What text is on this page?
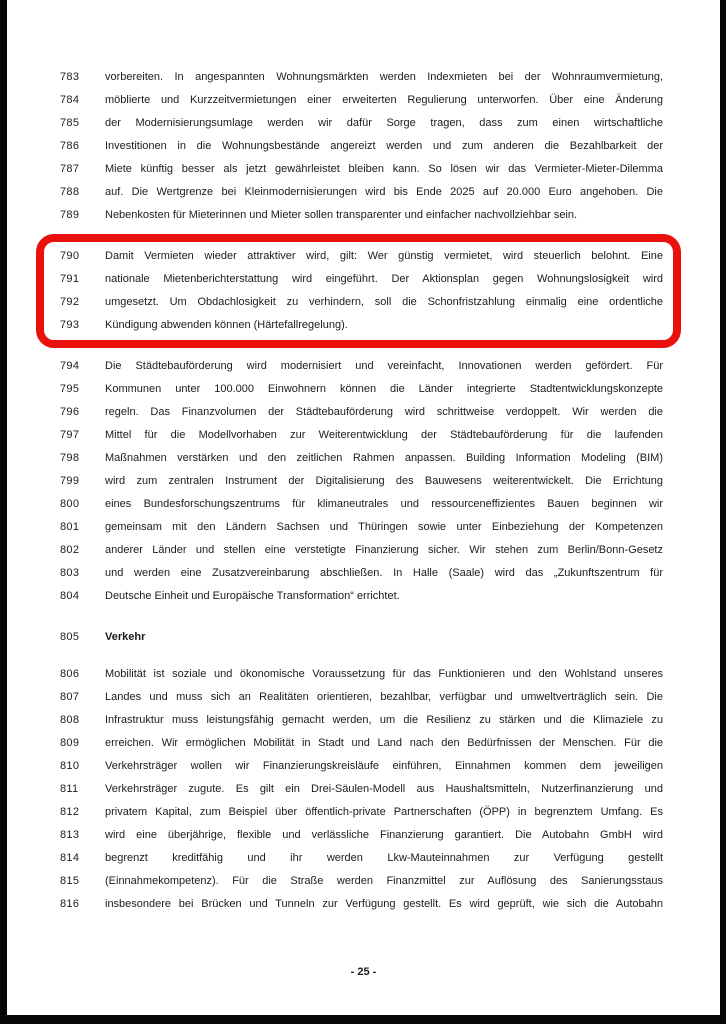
783	vorbereiten. In angespannten Wohnungsmärkten werden Indexmieten bei der Wohnraumvermietung,
784	möblierte und Kurzzeitvermietungen einer erweiterten Regulierung unterworfen. Über eine Änderung
785	der Modernisierungsumlage werden wir dafür Sorge tragen, dass zum einen wirtschaftliche
786	Investitionen in die Wohnungsbestände angereizt werden und zum anderen die Bezahlbarkeit der
787	Miete künftig besser als jetzt gewährleistet bleiben kann. So lösen wir das Vermieter-Mieter-Dilemma
788	auf. Die Wertgrenze bei Kleinmodernisierungen wird bis Ende 2025 auf 20.000 Euro angehoben. Die
789	Nebenkosten für Mieterinnen und Mieter sollen transparenter und einfacher nachvollziehbar sein.
790	Damit Vermieten wieder attraktiver wird, gilt: Wer günstig vermietet, wird steuerlich belohnt. Eine
791	nationale Mietenberichterstattung wird eingeführt. Der Aktionsplan gegen Wohnungslosigkeit wird
792	umgesetzt. Um Obdachlosigkeit zu verhindern, soll die Schonfristzahlung einmalig eine ordentliche
793	Kündigung abwenden können (Härtefallregelung).
794	Die Städtebauförderung wird modernisiert und vereinfacht, Innovationen werden gefördert. Für
795	Kommunen unter 100.000 Einwohnern können die Länder integrierte Stadtentwicklungskonzepte
796	regeln. Das Finanzvolumen der Städtebauförderung wird schrittweise verdoppelt. Wir werden die
797	Mittel für die Modellvorhaben zur Weiterentwicklung der Städtebauförderung für die laufenden
798	Maßnahmen verstärken und den zeitlichen Rahmen anpassen. Building Information Modeling (BIM)
799	wird zum zentralen Instrument der Digitalisierung des Bauwesens weiterentwickelt. Die Errichtung
800	eines Bundesforschungszentrums für klimaneutrales und ressourceneffizientes Bauen beginnen wir
801	gemeinsam mit den Ländern Sachsen und Thüringen sowie unter Einbeziehung der Kompetenzen
802	anderer Länder und stellen eine verstetigte Finanzierung sicher. Wir stehen zum Berlin/Bonn-Gesetz
803	und werden eine Zusatzvereinbarung abschließen. In Halle (Saale) wird das „Zukunftszentrum für
804	Deutsche Einheit und Europäische Transformation“ errichtet.
805	Verkehr
806	Mobilität ist soziale und ökonomische Voraussetzung für das Funktionieren und den Wohlstand unseres
807	Landes und muss sich an Realitäten orientieren, bezahlbar, verfügbar und umweltverträglich sein. Die
808	Infrastruktur muss leistungsfähig gemacht werden, um die Resilienz zu stärken und die Klimaziele zu
809	erreichen. Wir ermöglichen Mobilität in Stadt und Land nach den Bedürfnissen der Menschen. Für die
810	Verkehrsträger wollen wir Finanzierungskreisläufe einführen, Einnahmen kommen dem jeweiligen
811	Verkehrsträger zugute. Es gilt ein Drei-Säulen-Modell aus Haushaltsmitteln, Nutzerfinanzierung und
812	privatem Kapital, zum Beispiel über öffentlich-private Partnerschaften (ÖPP) in begrenztem Umfang. Es
813	wird eine überjährige, flexible und verlässliche Finanzierung garantiert. Die Autobahn GmbH wird
814	begrenzt kreditfähig und ihr werden Lkw-Mauteinnahmen zur Verfügung gestellt
815	(Einnahmekompetenz). Für die Straße werden Finanzmittel zur Auflösung des Sanierungsstaus
816	insbesondere bei Brücken und Tunneln zur Verfügung gestellt. Es wird geprüft, wie sich die Autobahn
- 25 -
